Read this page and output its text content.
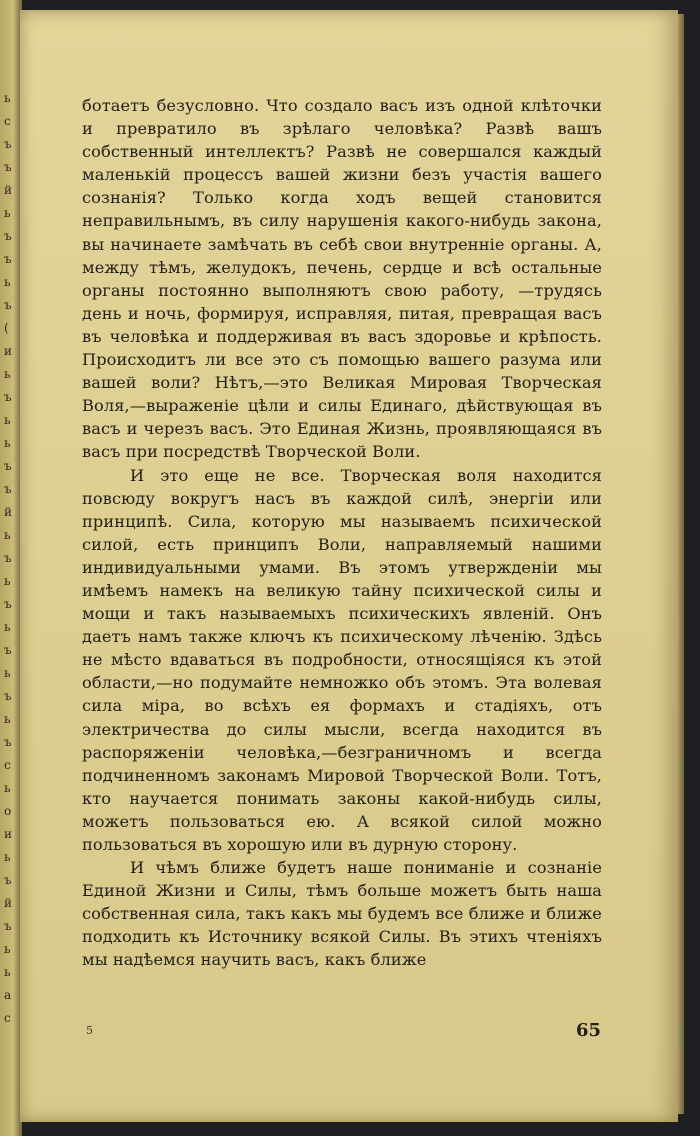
ь
с
ъ
ъ
й
ь
ъ
ъ
ь
ъ
(
и
ь
ъ
ь
ь
ъ
ъ
й
ь
ъ
ь
ъ
ь
ъ
ь
ъ
ь
ъ
с
ь
о
и
ь
ъ
й
ъ
ь
ь
а
с

ботаетъ безусловно. Что создало васъ изъ одной клѣточки и превратило въ зрѣлаго человѣка? Развѣ вашъ собственный интеллектъ? Развѣ не совершался каждый маленькій процессъ вашей жизни безъ участія вашего сознанія? Только когда ходъ вещей становится неправильнымъ, въ силу нарушенія какого-нибудь закона, вы начинаете замѣчать въ себѣ свои внутренніе органы. А, между тѣмъ, желудокъ, печень, сердце и всѣ остальные органы постоянно выполняютъ свою работу, —трудясь день и ночь, формируя, исправляя, питая, превращая васъ въ человѣка и поддерживая въ васъ здоровье и крѣпость. Происходитъ ли все это съ помощью вашего разума или вашей воли? Нѣтъ,—это Великая Мировая Творческая Воля,—выраженіе цѣли и силы Единаго, дѣйствующая въ васъ и черезъ васъ. Это Единая Жизнь, проявляющаяся въ васъ при посредствѣ Творческой Воли.

И это еще не все. Творческая воля находится повсюду вокругъ насъ въ каждой силѣ, энергіи или принципѣ. Сила, которую мы называемъ психической силой, есть принципъ Воли, направляемый нашими индивидуальными умами. Въ этомъ утвержденіи мы имѣемъ намекъ на великую тайну психической силы и мощи и такъ называемыхъ психическихъ явленій. Онъ даетъ намъ также ключъ къ психическому лѣченію. Здѣсь не мѣсто вдаваться въ подробности, относящіяся къ этой области,—но подумайте немножко объ этомъ. Эта волевая сила міра, во всѣхъ ея формахъ и стадіяхъ, отъ электричества до силы мысли, всегда находится въ распоряженіи человѣка,—безграничномъ и всегда подчиненномъ законамъ Мировой Творческой Воли. Тотъ, кто научается понимать законы какой-нибудь силы, можетъ пользоваться ею. А всякой силой можно пользоваться въ хорошую или въ дурную сторону.

И чѣмъ ближе будетъ наше пониманіе и сознаніе Единой Жизни и Силы, тѣмъ больше можетъ быть наша собственная сила, такъ какъ мы будемъ все ближе и ближе подходить къ Источнику всякой Силы. Въ этихъ чтеніяхъ мы надѣемся научить васъ, какъ ближе

5	65
